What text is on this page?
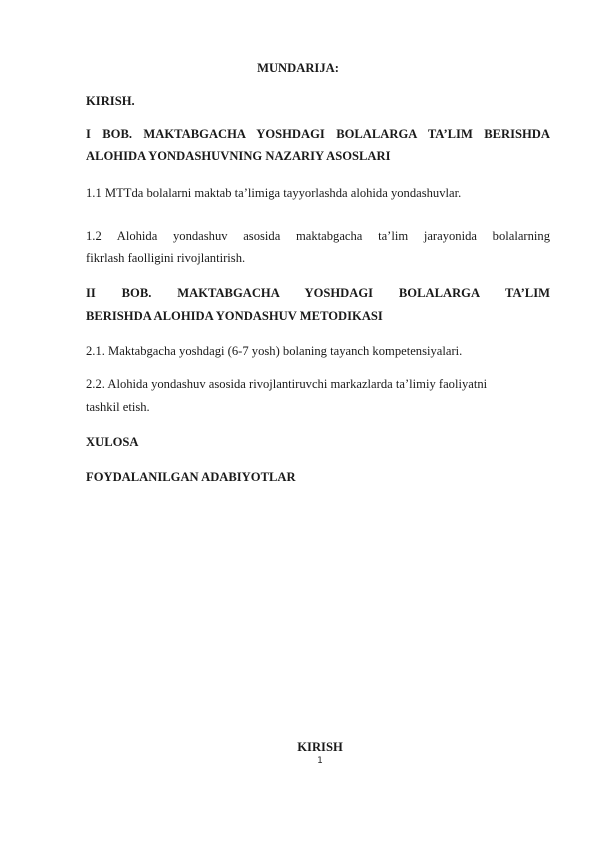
MUNDARIJA:
KIRISH.
I BOB. MAKTABGACHA YOSHDAGI BOLALARGA TA’LIM BERISHDA
ALOHIDA YONDASHUVNING NAZARIY ASOSLARI
1.1 MTTda bolalarni maktab ta’limiga tayyorlashda alohida yondashuvlar.
1.2 Alohida yondashuv asosida maktabgacha ta’lim jarayonida bolalarning
fikrlash faolligini rivojlantirish.
II BOB. MAKTABGACHA YOSHDAGI BOLALARGA TA’LIM
BERISHDA ALOHIDA YONDASHUV METODIKASI
2.1. Maktabgacha yoshdagi (6-7 yosh) bolaning tayanch kompetensiyalari.
2.2. Alohida yondashuv asosida rivojlantiruvchi markazlarda ta’limiy faoliyatni
tashkil etish.
XULOSA
FOYDALANILGAN ADABIYOTLAR
KIRISH
1
